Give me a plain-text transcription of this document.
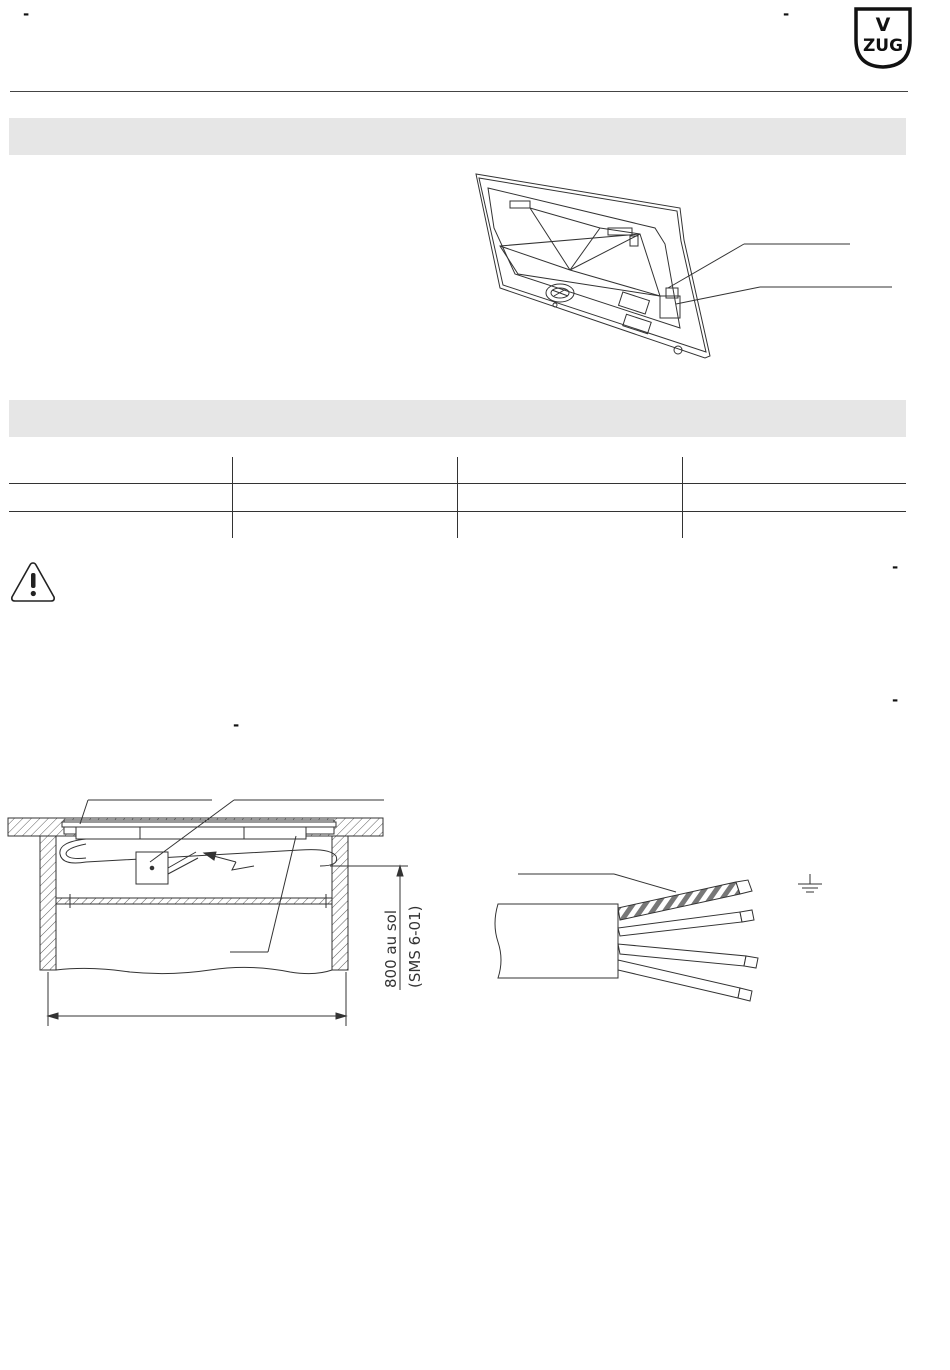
-	-	V
ZUG
-
-
-
800 au sol (SMS 6-01)
